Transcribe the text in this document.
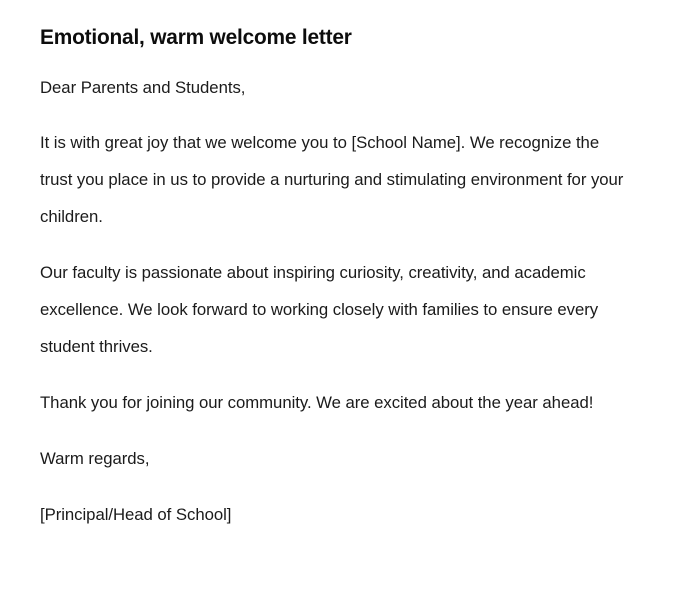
Emotional, warm welcome letter

Dear Parents and Students,

It is with great joy that we welcome you to [School Name]. We recognize the trust you place in us to provide a nurturing and stimulating environment for your children.

Our faculty is passionate about inspiring curiosity, creativity, and academic excellence. We look forward to working closely with families to ensure every student thrives.

Thank you for joining our community. We are excited about the year ahead!

Warm regards,

[Principal/Head of School]
